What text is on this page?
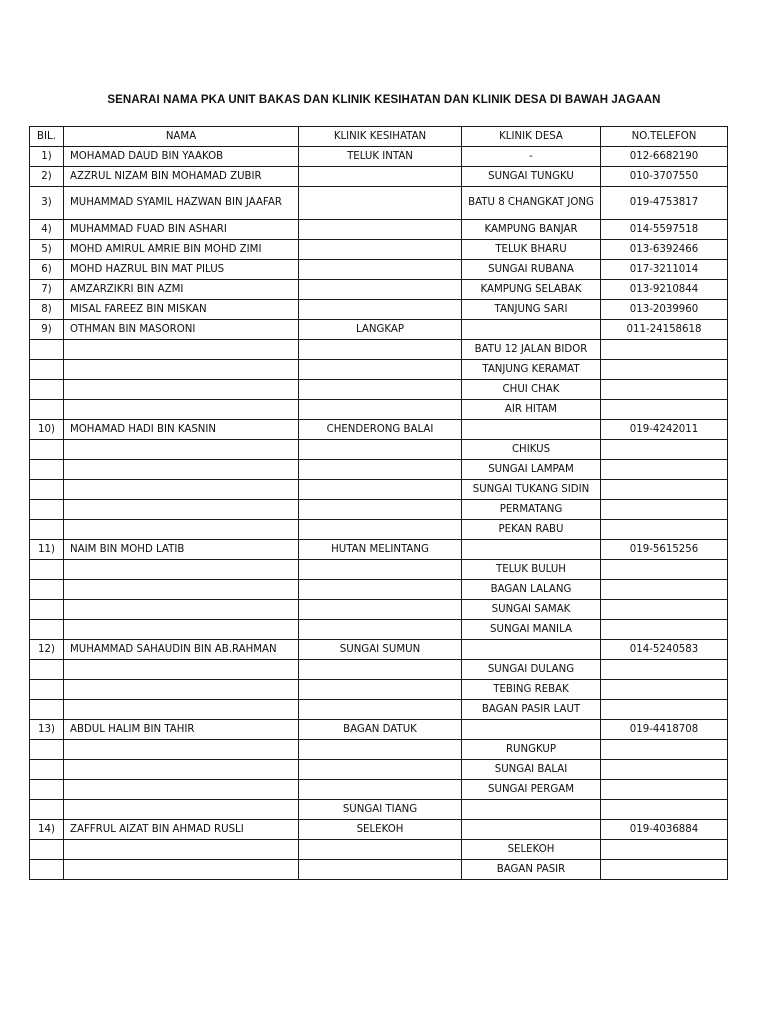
SENARAI NAMA PKA UNIT BAKAS DAN KLINIK KESIHATAN DAN KLINIK DESA DI BAWAH JAGAAN
BIL.	NAMA	KLINIK KESIHATAN	KLINIK DESA	NO.TELEFON
1)	MOHAMAD DAUD BIN YAAKOB	TELUK INTAN	-	012-6682190
2)	AZZRUL NIZAM BIN MOHAMAD ZUBIR		SUNGAI TUNGKU	010-3707550
3)	MUHAMMAD SYAMIL HAZWAN BIN JAAFAR		BATU 8 CHANGKAT JONG	019-4753817
4)	MUHAMMAD FUAD BIN ASHARI		KAMPUNG BANJAR	014-5597518
5)	MOHD AMIRUL AMRIE BIN MOHD ZIMI		TELUK BHARU	013-6392466
6)	MOHD HAZRUL BIN MAT PILUS		SUNGAI RUBANA	017-3211014
7)	AMZARZIKRI BIN AZMI		KAMPUNG SELABAK	013-9210844
8)	MISAL FAREEZ BIN MISKAN		TANJUNG SARI	013-2039960
9)	OTHMAN BIN MASORONI	LANGKAP		011-24158618
			BATU 12 JALAN BIDOR	
			TANJUNG KERAMAT	
			CHUI CHAK	
			AIR HITAM	
10)	MOHAMAD HADI BIN KASNIN	CHENDERONG BALAI		019-4242011
			CHIKUS	
			SUNGAI LAMPAM	
			SUNGAI TUKANG SIDIN	
			PERMATANG	
			PEKAN RABU	
11)	NAIM BIN MOHD LATIB	HUTAN MELINTANG		019-5615256
			TELUK BULUH	
			BAGAN LALANG	
			SUNGAI SAMAK	
			SUNGAI MANILA	
12)	MUHAMMAD SAHAUDIN BIN AB.RAHMAN	SUNGAI SUMUN		014-5240583
			SUNGAI DULANG	
			TEBING REBAK	
			BAGAN PASIR LAUT	
13)	ABDUL HALIM BIN TAHIR	BAGAN DATUK		019-4418708
			RUNGKUP	
			SUNGAI BALAI	
			SUNGAI PERGAM	
		SUNGAI TIANG		
14)	ZAFFRUL AIZAT BIN AHMAD RUSLI	SELEKOH		019-4036884
			SELEKOH	
			BAGAN PASIR	
